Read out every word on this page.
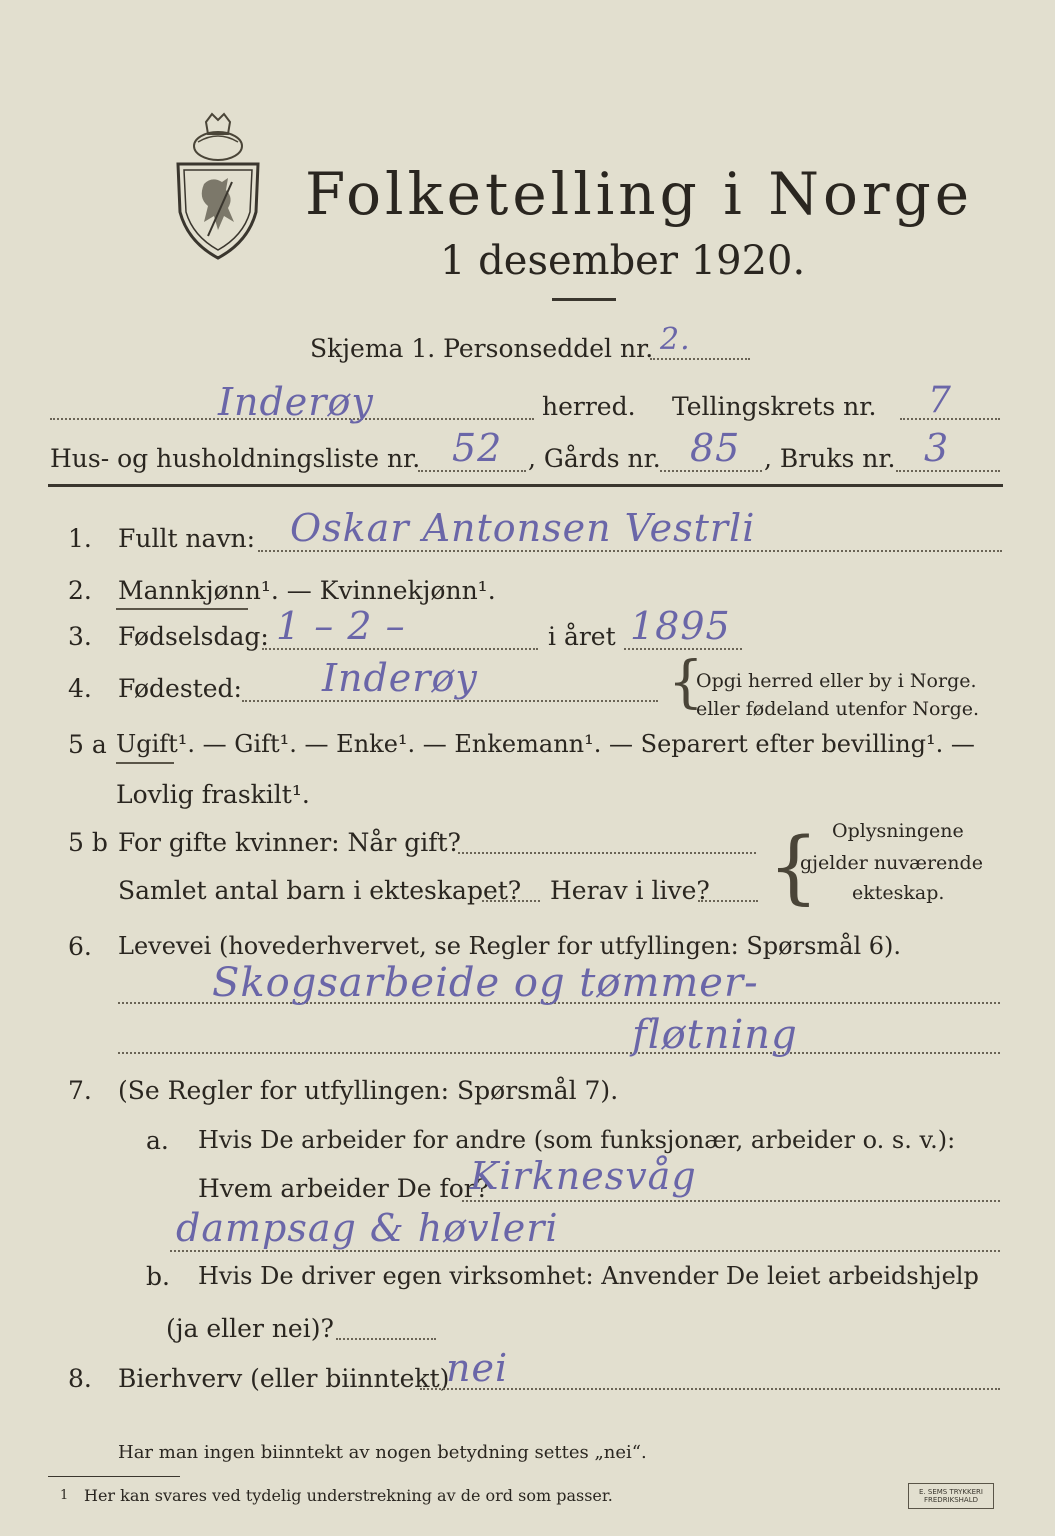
Folketelling i Norge
1 desember 1920.
Skjema 1. Personseddel nr. 2.
Inderøy	herred. Tellingskrets nr. 7
Hus- og husholdningsliste nr. 52 , Gårds nr. 85 , Bruks nr. 3
1. Fullt navn: Oskar Antonsen Vestrli
2. Mannkjønn¹. — Kvinnekjønn¹.
3. Fødselsdag: 1 – 2 –	i året 1895
4. Fødested: Inderøy	{
Opgi herred eller by i Norge.
eller fødeland utenfor Norge.
5 a Ugift¹. — Gift¹. — Enke¹. — Enkemann¹. — Separert efter bevilling¹. —
Lovlig fraskilt¹.
5 b For gifte kvinner: Når gift?
Samlet antal barn i ekteskapet? Herav i live? { Oplysningene
gjelder nuværende
ekteskap.
6. Levevei (hovederhvervet, se Regler for utfyllingen: Spørsmål 6).
Skogsarbeide og tømmer-
fløtning
7. (Se Regler for utfyllingen: Spørsmål 7).
a. Hvis De arbeider for andre (som funksjonær, arbeider o. s. v.):
Hvem arbeider De for?
Kirknesvåg
dampsag & høvleri
b. Hvis De driver egen virksomhet: Anvender De leiet arbeidshjelp
(ja eller nei)?
8. Bierhverv (eller biinntekt)
nei
Har man ingen biinntekt av nogen betydning settes „nei“.
1 Her kan svares ved tydelig understrekning av de ord som passer.	E. SEMS TRYKKERI FREDRIKSHALD
